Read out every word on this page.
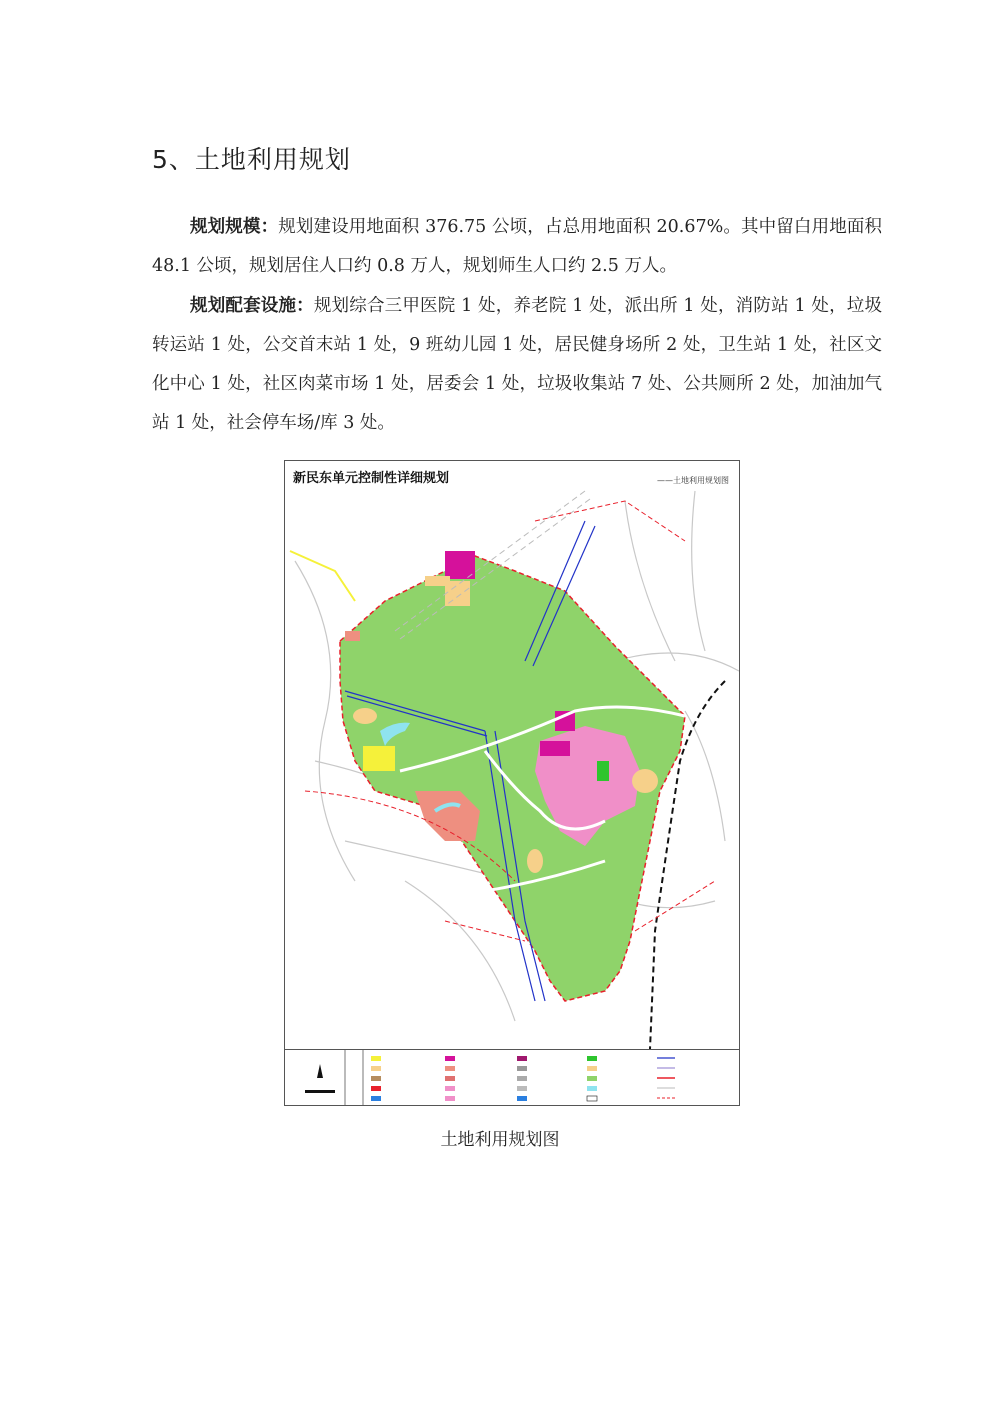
5、土地利用规划
规划规模：规划建设用地面积 376.75 公顷，占总用地面积 20.67%。其中留白用地面积 48.1 公顷，规划居住人口约 0.8 万人，规划师生人口约 2.5 万人。
规划配套设施：规划综合三甲医院 1 处，养老院 1 处，派出所 1 处，消防站 1 处，垃圾转运站 1 处，公交首末站 1 处，9 班幼儿园 1 处，居民健身场所 2 处，卫生站 1 处，社区文化中心 1 处，社区肉菜市场 1 处，居委会 1 处，垃圾收集站 7 处、公共厕所 2 处，加油加气站 1 处，社会停车场/库 3 处。
新民东单元控制性详细规划	——土地利用规划图
土地利用规划图
